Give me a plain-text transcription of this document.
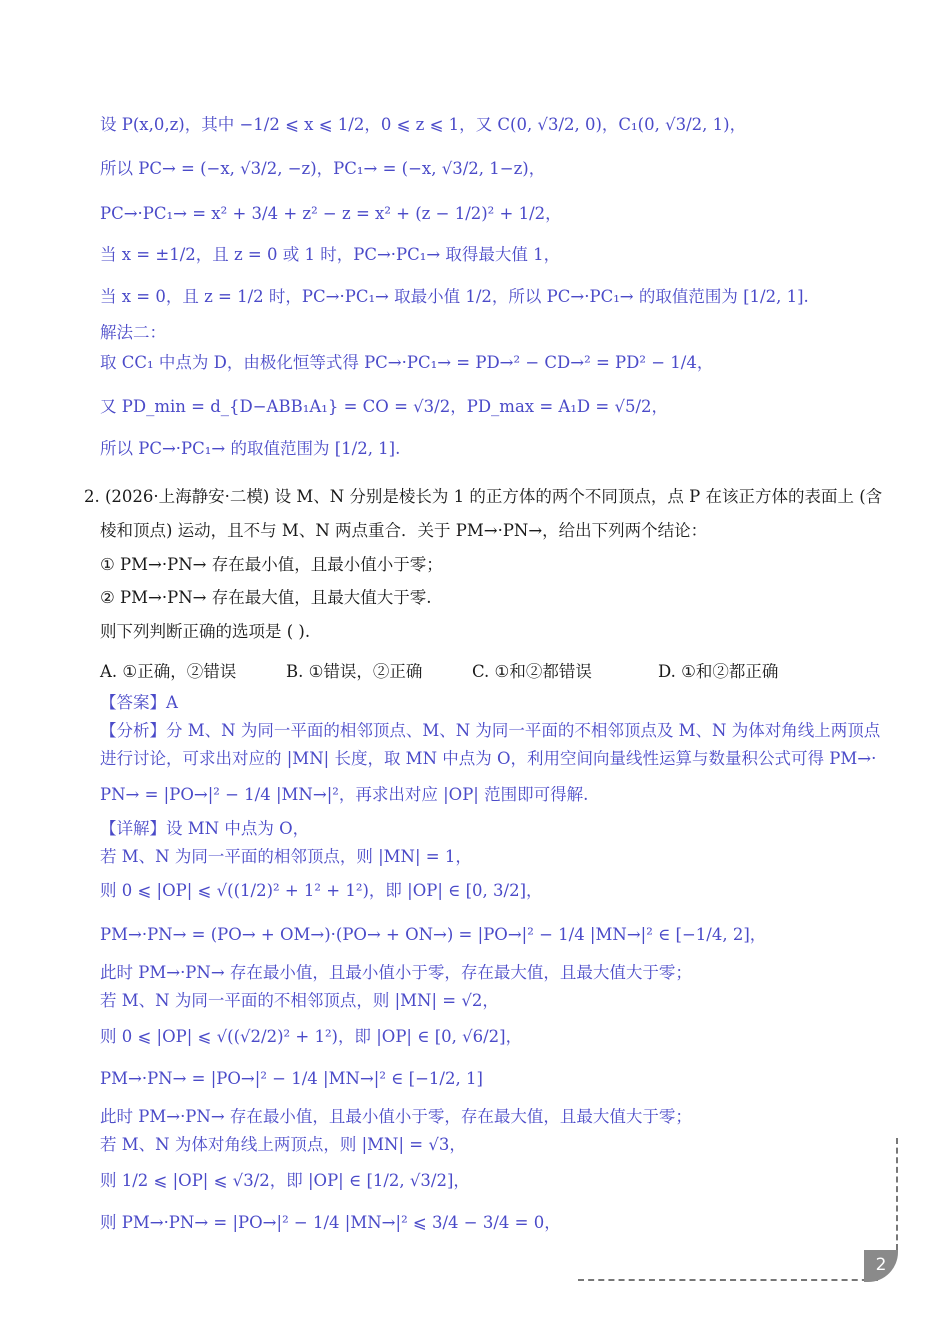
设 P(x,0,z)，其中 −1/2 ⩽ x ⩽ 1/2，0 ⩽ z ⩽ 1，又 C(0, √3/2, 0)，C₁(0, √3/2, 1)，
所以 PC→ = (−x, √3/2, −z)，PC₁→ = (−x, √3/2, 1−z)，
PC→·PC₁→ = x² + 3/4 + z² − z = x² + (z − 1/2)² + 1/2，
当 x = ±1/2，且 z = 0 或 1 时，PC→·PC₁→ 取得最大值 1，
当 x = 0，且 z = 1/2 时，PC→·PC₁→ 取最小值 1/2，所以 PC→·PC₁→ 的取值范围为 [1/2, 1].
解法二：
取 CC₁ 中点为 D，由极化恒等式得 PC→·PC₁→ = PD→² − CD→² = PD² − 1/4，
又 PD_min = d_{D−ABB₁A₁} = CO = √3/2，PD_max = A₁D = √5/2，
所以 PC→·PC₁→ 的取值范围为 [1/2, 1].
2. (2026·上海静安·二模) 设 M、N 分别是棱长为 1 的正方体的两个不同顶点，点 P 在该正方体的表面上 (含
棱和顶点) 运动，且不与 M、N 两点重合．关于 PM→·PN→，给出下列两个结论：
① PM→·PN→ 存在最小值，且最小值小于零；
② PM→·PN→ 存在最大值，且最大值大于零.
则下列判断正确的选项是 ( ).
A. ①正确，②错误	B. ①错误，②正确	C. ①和②都错误	D. ①和②都正确
【答案】A
【分析】分 M、N 为同一平面的相邻顶点、M、N 为同一平面的不相邻顶点及 M、N 为体对角线上两顶点
进行讨论，可求出对应的 |MN| 长度，取 MN 中点为 O，利用空间向量线性运算与数量积公式可得 PM→·
PN→ = |PO→|² − 1/4 |MN→|²，再求出对应 |OP| 范围即可得解.
【详解】设 MN 中点为 O，
若 M、N 为同一平面的相邻顶点，则 |MN| = 1，
则 0 ⩽ |OP| ⩽ √((1/2)² + 1² + 1²)，即 |OP| ∈ [0, 3/2]，
PM→·PN→ = (PO→ + OM→)·(PO→ + ON→) = |PO→|² − 1/4 |MN→|² ∈ [−1/4, 2]，
此时 PM→·PN→ 存在最小值，且最小值小于零，存在最大值，且最大值大于零；
若 M、N 为同一平面的不相邻顶点，则 |MN| = √2，
则 0 ⩽ |OP| ⩽ √((√2/2)² + 1²)，即 |OP| ∈ [0, √6/2]，
PM→·PN→ = |PO→|² − 1/4 |MN→|² ∈ [−1/2, 1]
此时 PM→·PN→ 存在最小值，且最小值小于零，存在最大值，且最大值大于零；
若 M、N 为体对角线上两顶点，则 |MN| = √3，
则 1/2 ⩽ |OP| ⩽ √3/2，即 |OP| ∈ [1/2, √3/2]，
则 PM→·PN→ = |PO→|² − 1/4 |MN→|² ⩽ 3/4 − 3/4 = 0，
2
